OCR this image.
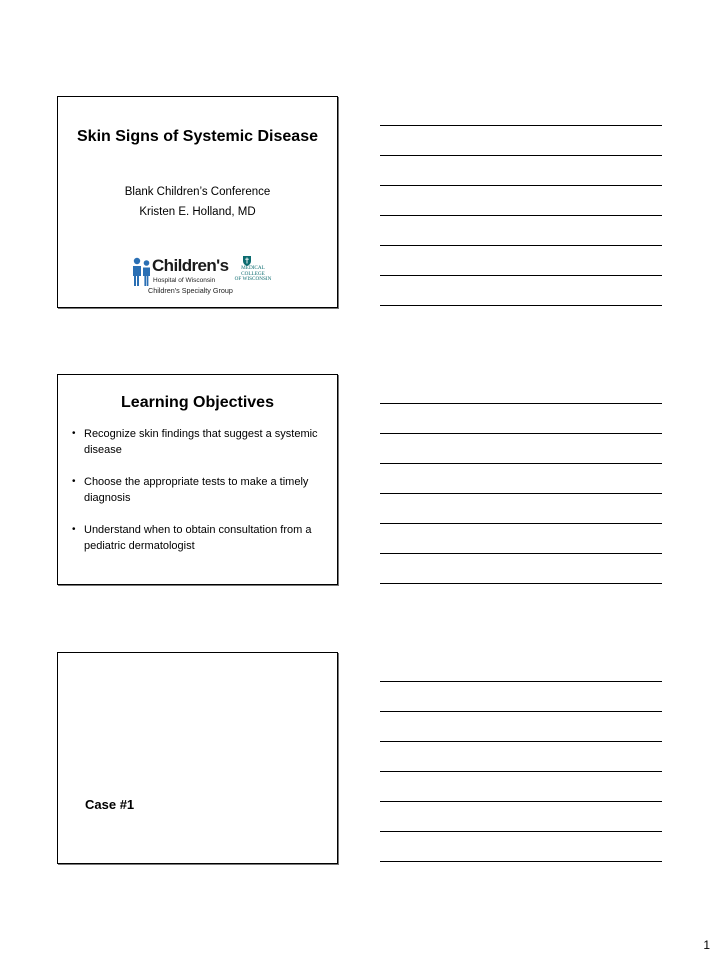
Skin Signs of Systemic Disease
Blank Children’s Conference
Kristen E. Holland, MD
Children's
Hospital of Wisconsin
Children's Specialty Group
MEDICAL
COLLEGE
OF WISCONSIN
Learning Objectives
• Recognize skin findings that suggest a systemic disease
• Choose the appropriate tests to make a timely diagnosis
• Understand when to obtain consultation from a pediatric dermatologist
Case #1
1
